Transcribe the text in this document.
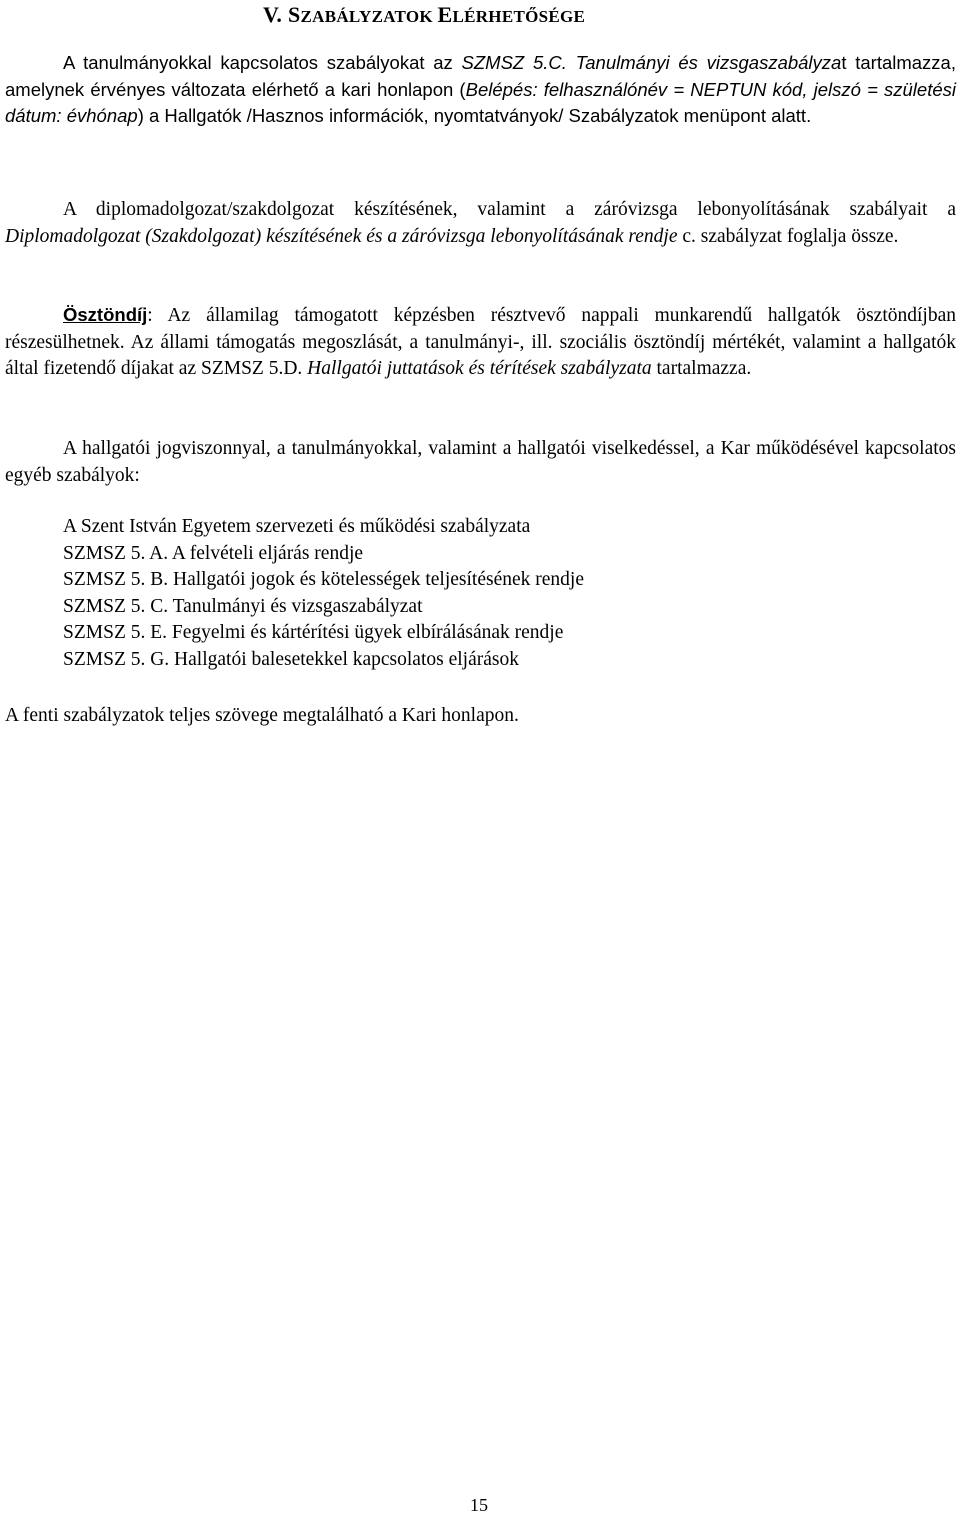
V. SZABÁLYZATOK ELÉRHETŐSÉGE

A tanulmányokkal kapcsolatos szabályokat az SZMSZ 5.C. Tanulmányi és vizsgaszabályzat tartalmazza, amelynek érvényes változata elérhető a kari honlapon (Belépés: felhasználónév = NEPTUN kód, jelszó = születési dátum: évhónap) a Hallgatók /Hasznos információk, nyomtatványok/ Szabályzatok menüpont alatt.

A diplomadolgozat/szakdolgozat készítésének, valamint a záróvizsga lebonyolításának szabályait a Diplomadolgozat (Szakdolgozat) készítésének és a záróvizsga lebonyolításának rendje c. szabályzat foglalja össze.

Ösztöndíj: Az államilag támogatott képzésben résztvevő nappali munkarendű hallgatók ösztöndíjban részesülhetnek. Az állami támogatás megoszlását, a tanulmányi-, ill. szociális ösztöndíj mértékét, valamint a hallgatók által fizetendő díjakat az SZMSZ 5.D. Hallgatói juttatások és térítések szabályzata tartalmazza.

A hallgatói jogviszonnyal, a tanulmányokkal, valamint a hallgatói viselkedéssel, a Kar működésével kapcsolatos egyéb szabályok:

A Szent István Egyetem szervezeti és működési szabályzata
SZMSZ 5. A. A felvételi eljárás rendje
SZMSZ 5. B. Hallgatói jogok és kötelességek teljesítésének rendje
SZMSZ 5. C. Tanulmányi és vizsgaszabályzat
SZMSZ 5. E. Fegyelmi és kártérítési ügyek elbírálásának rendje
SZMSZ 5. G. Hallgatói balesetekkel kapcsolatos eljárások

A fenti szabályzatok teljes szövege megtalálható a Kari honlapon.

15
